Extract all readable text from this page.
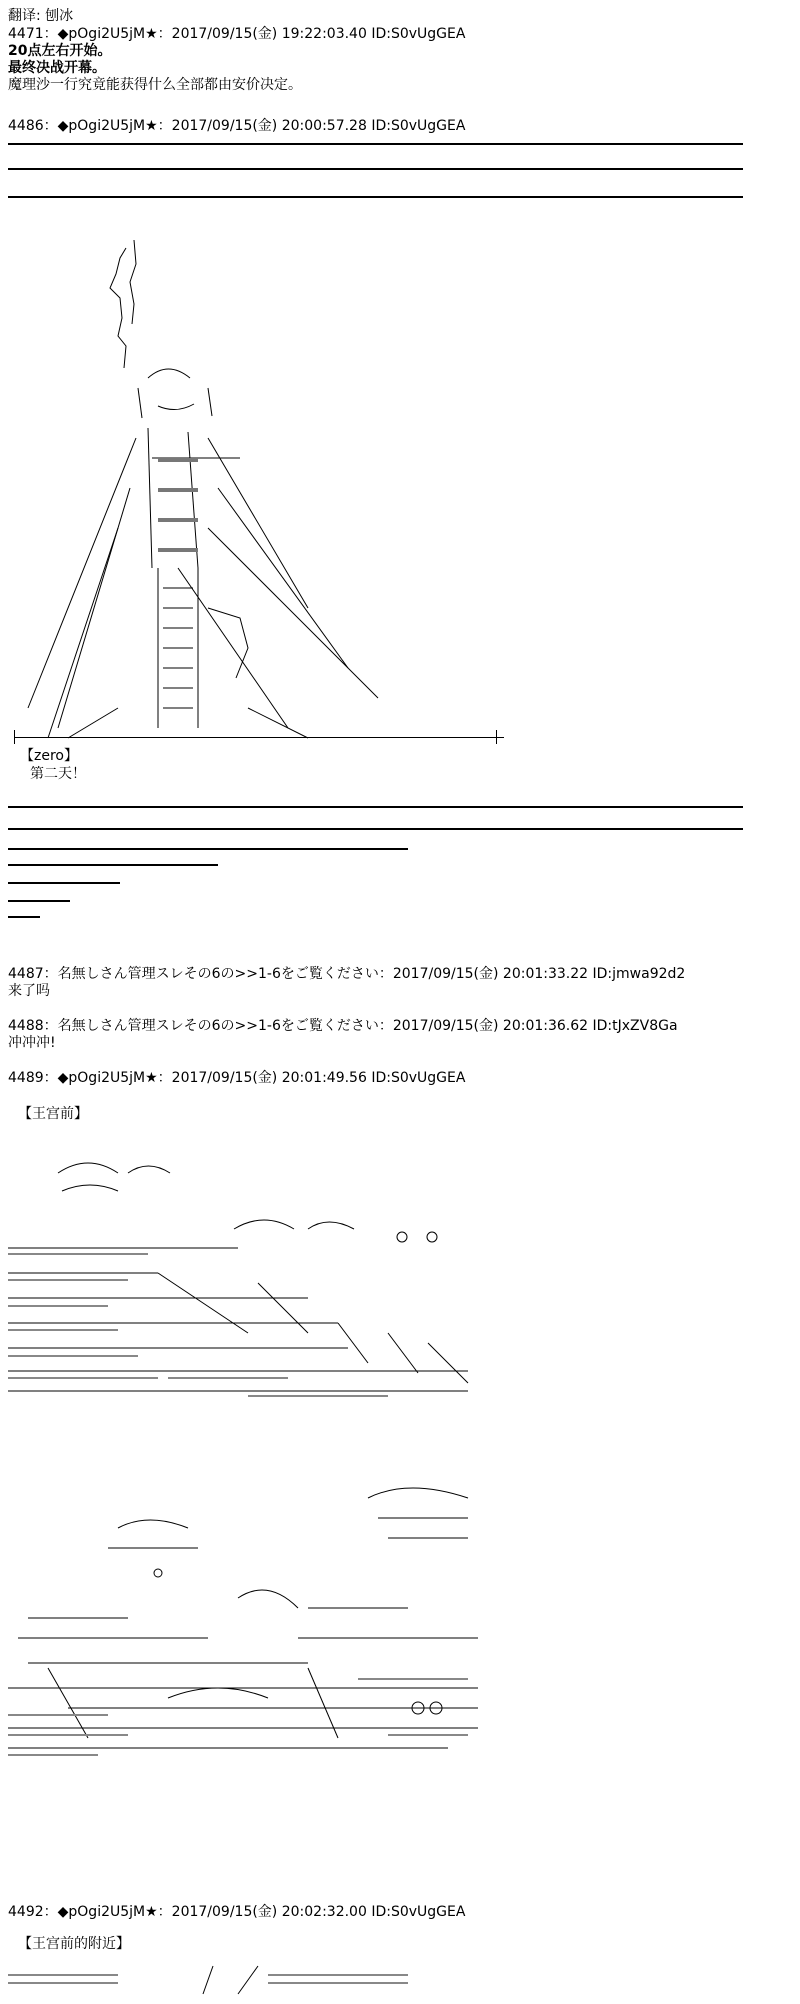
翻译: 刨冰
4471：◆pOgi2U5jM★：2017/09/15(金) 19:22:03.40 ID:S0vUgGEA
20点左右开始。
最终决战开幕。
魔理沙一行究竟能获得什么全部都由安价决定。
4486：◆pOgi2U5jM★：2017/09/15(金) 20:00:57.28 ID:S0vUgGEA
【zero】
第二天！
4487：名無しさん管理スレその6の>>1-6をご覧ください：2017/09/15(金) 20:01:33.22 ID:jmwa92d2
来了吗
4488：名無しさん管理スレその6の>>1-6をご覧ください：2017/09/15(金) 20:01:36.62 ID:tJxZV8Ga
冲冲冲!
4489：◆pOgi2U5jM★：2017/09/15(金) 20:01:49.56 ID:S0vUgGEA
【王宫前】
4492：◆pOgi2U5jM★：2017/09/15(金) 20:02:32.00 ID:S0vUgGEA
【王宫前的附近】
